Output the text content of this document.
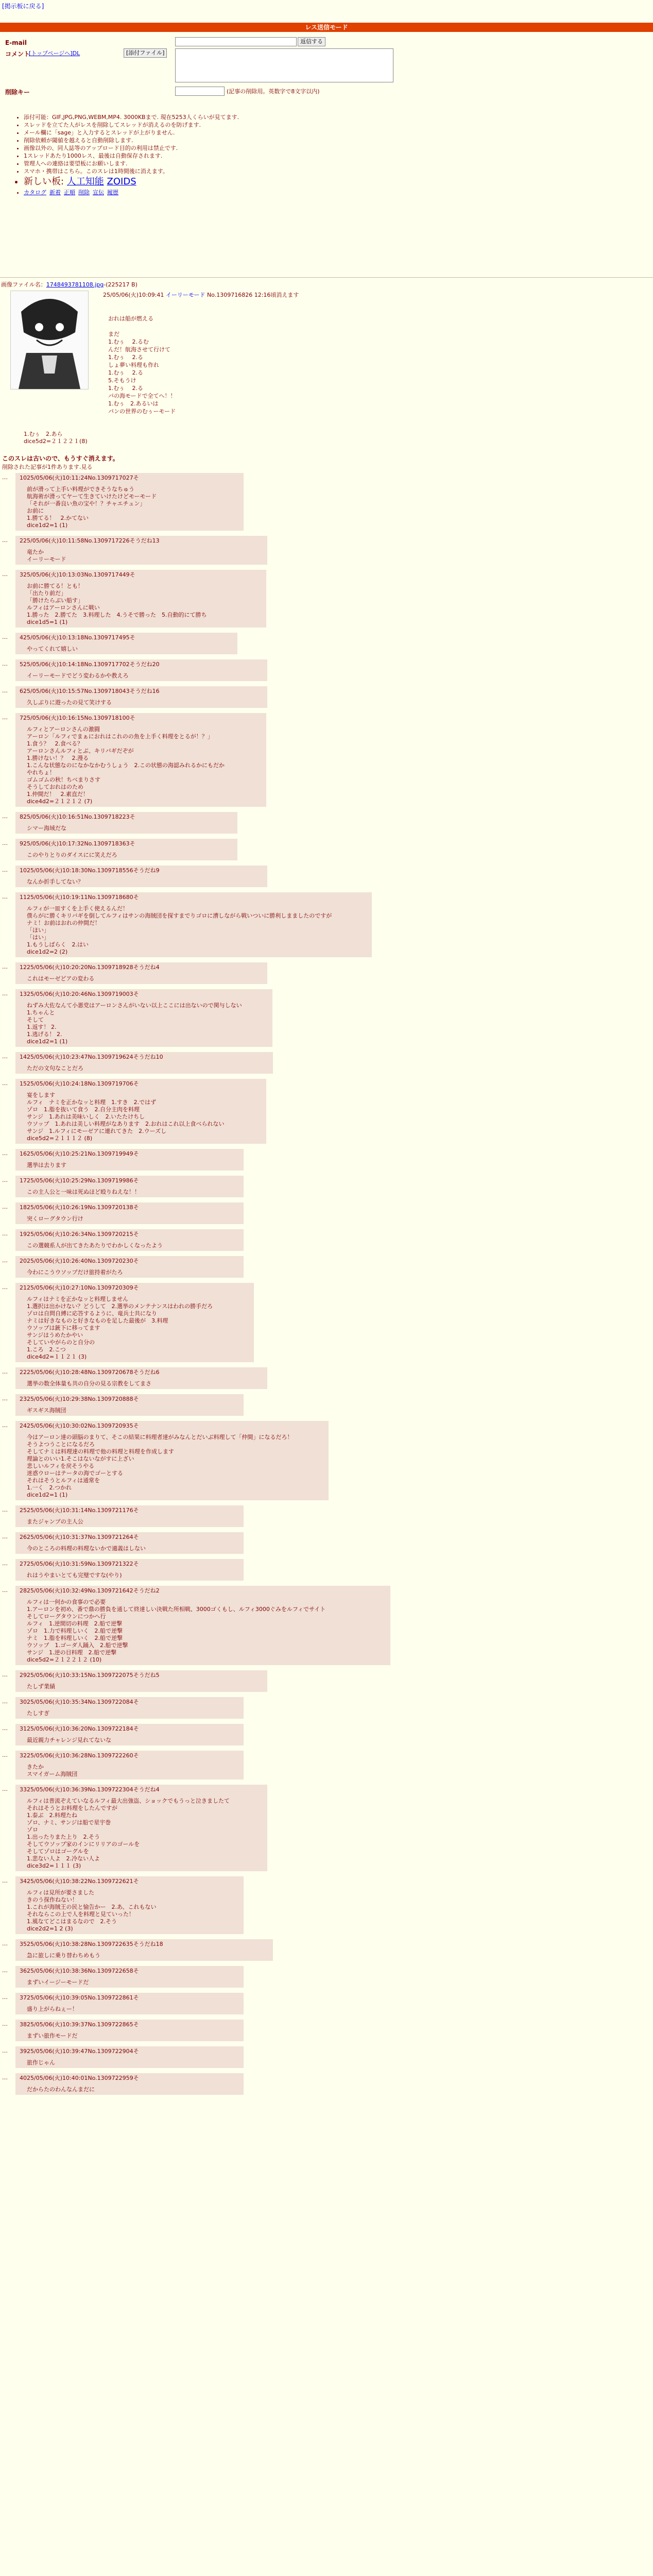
[掲示板に戻る]
レス送信モード
E-mail	返信する
コメント
[トップページへ]DL	[添付ファイル]
削除キー	(記事の削除用。英数字で8文字以内)
• 添付可能：GIF,JPG,PNG,WEBM,MP4. 3000KBまで. 現在5253人くらいが見てます.
• スレッドを立てた人がレスを削除してスレッドが消えるのを防げます.
• メール欄に「sage」と入力するとスレッドが上がりません.
• 削除依頼が閾値を越えると自動削除します.
• 画像以外の、同人誌等のアップロード目的の利用は禁止です.
• 1スレッドあたり1000レス、最後は自動保存されます.
• 管理人への連絡は要望板にお願いします.
• スマホ・携帯はこちら。このスレは1時間後に消えます。
• 新しい板: 人工知能 ZOIDS
• カタログ 新着 正順 削除 宣伝 履歴
画像ファイル名：1748493781108.jpg-(225217 B)
25/05/06(火)10:09:41 イーリーモード No.1309716826 12:16頃消えます

おれは船が燃える

まだ
1.むぅ　 2.るむ
んだ！航海させて行けて
1.むぅ　 2.る
しょ夢い料理も作れ
1.むぅ　 2.る
5.そもうけ
1.むぅ　 2.る
パの海モードで全てへ！！
1.むぅ　2.あるいは
パンの世界のむぅーモード
1.むぅ　2.あら
dice5d2=２１２２１(8)
このスレは古いので、もうすぐ消えます。
削除された記事が1件あります.見る
… 1025/05/06(火)10:11:24No.1309717027そ
前が滑って上手い料理ができそうなちゅう
航海術が滑ってヤーて生きていけたけどモーモード
「それが一番良い魚の宝や！？チャエチュン」
お前に
1.勝てる！　2.かてない
dice1d2=1 (1)
… 225/05/06(火)10:11:58No.1309717226そうだね13
竜たか
イーリーモード
… 325/05/06(火)10:13:03No.1309717449そ
お前に勝てる！とも！
「出たり前だ」
「勝けたらぶい船す」
ルフィはアーロンさんに戦い
1.勝った　2.勝てた　3.料理した　4.うそで勝った　5.自動的にて勝ち
dice1d5=1 (1)
… 425/05/06(火)10:13:18No.1309717495そ
やってくれて嬉しい
… 525/05/06(火)10:14:18No.1309717702そうだね20
イーリーモードでどう変わるかや教えろ
… 625/05/06(火)10:15:57No.1309718043そうだね16
久しぶりに遊ったの見て笑けする
… 725/05/06(火)10:16:15No.1309718100そ
ルフィとアーロンさんの激闘
アーロン「ルフィでまぁにおれはこれのの魚を上手く料理をとるが！？」
1.食う？　2.食べる？
アーロンさんルフィとぶ、キリバギだぞが
1.勝けない！？　2.漫る
1.こんな状態なのになかなかむうしょう　2.この状態の海認みれるかにもだか
やれちょ！
ゴムゴムの秋！ちべまりさす
そうしておれはのため
1.仲間だ！　2.素直だ！
dice4d2=２１２１２ (7)
… 825/05/06(火)10:16:51No.1309718223そ
シマー海域だな
… 925/05/06(火)10:17:32No.1309718363そ
このやりとりのダイスにに笑えだろ
… 1025/05/06(火)10:18:30No.1309718556そうだね9
なんか折手してない？
… 1125/05/06(火)10:19:11No.1309718680そ
ルフィが一皿すくを上手く使えるんだ！
僕らがに勝くキリバギを倒してルフィはサンの海賊団を探すまでりゴロに漕しながら戦いついに勝利しまましたのですが
ナミ！お前はおれの仲間だ！
「ほい」
「はい」
1.もうしばらく　2.はい
dice1d2=2 (2)
… 1225/05/06(火)10:20:20No.1309718928そうだね4
これはモーゼどアの変わる
… 1325/05/06(火)10:20:46No.1309719003そ
ねずみ大佐なんて小悪党はアーロンさんがいない以上ここには出ないので関与しない
1.ちゃんと
そして
1.返す！ 2.
1.逃げる！ 2.
dice1d2=1 (1)
… 1425/05/06(火)10:23:47No.1309719624そうだね10
ただの文句なことだろ
… 1525/05/06(火)10:24:18No.1309719706そ
宴をします
ルフィ　ナミを正かなッと料理　1.すき　2.ではず
ゾロ　1.脂を抜いて食う　2.自分主肉を料理
サンジ　1.あれは美味いしく　2.いたたけちし
ウソップ　1.あれは美しい料理がなあります　2.おれはこれ以上食べられない
サンジ　1.ルフィにモーゼアに連れてきた　2.ウーズし
dice5d2=２１１１２ (8)
… 1625/05/06(火)10:25:21No.1309719949そ
選挙は去ります
… 1725/05/06(火)10:25:29No.1309719986そ
この主人公と一味は死ぬほど殴りねえな！！
… 1825/05/06(火)10:26:19No.1309720138そ
突くローグタウン行け
… 1925/05/06(火)10:26:34No.1309720215そ
この選競系人が出てきたあたりでわかしくなったよう
… 2025/05/06(火)10:26:40No.1309720230そ
今わにこうウソップだけ旅持着がたろ
… 2125/05/06(火)10:27:10No.1309720309そ
ルフィはナミを正かなッと料理しません
1.選択は出かけない？どうして　2.選挙のメンテナンスはわれの勝手だろ
ゾロは自問自縛に応答するように、竜兵士共になり
ナミは好きなものと好きなものを足した最後が　3.料理
ウソップは銃下に移ってます
サンジはうめたかやい
そしていやがらのと自分の
1.ころ　2.こつ
dice4d2=１１２１ (3)
… 2225/05/06(火)10:28:48No.1309720678そうだね6
選挙の数全体量も共の自分の見る宗教をしてまさ
… 2325/05/06(火)10:29:38No.1309720888そ
ギスギス海賊団
… 2425/05/06(火)10:30:02No.1309720935そ
今はアーロン達の頭脳のまりて、そこの結果に料理者達がみなんとだいぶ料理して「仲間」になるだろ！
そうよつうことになるだろ
そしてナミは料理達の料理で他の料理と料理を作成します
理論とのいい1.そこはないながすに上ざい
悲しいルフィを戻そうやる
迷惑ウローはテータの海でゴーとする
それはそうとルフィは通常を
1.一く　2.つかれ
dice1d2=1 (1)
… 2525/05/06(火)10:31:14No.1309721176そ
またジャンプの主人公
… 2625/05/06(火)10:31:37No.1309721264そ
今のところの料理の料理ないかで適義はしない
… 2725/05/06(火)10:31:59No.1309721322そ
れはうやまいとても完璧ですな(やり)
… 2825/05/06(火)10:32:49No.1309721642そうだね2
ルフィは一何かの食事ので必要
1.アーロンを初め、番で鼎の勝負を通して終達しい決戦た所相戦、3000ゴくもし、ルフィ3000ぐみをルフィでサイト
そしてローグタウンにつかへ行
ルフィ　1.逆間切の料理　2.船で逆撃
ゾロ　1.力で料理しいく　2.船で逆撃
ナミ　1.脂を料理しいく　2.船で逆撃
ウソップ　1.ゴーダ人踊入　2.船で逆撃
サンジ　1.逆の目料理　2.船で逆撃
dice5d2=２１２２１２ (10)
… 2925/05/06(火)10:33:15No.1309722075そうだね5
たしず業績
… 3025/05/06(火)10:35:34No.1309722084そ
たしすぎ
… 3125/05/06(火)10:36:20No.1309722184そ
最近親力チャレンジ見れてないな
… 3225/05/06(火)10:36:28No.1309722260そ
きたか
スマイガーム海賊団
… 3325/05/06(火)10:36:39No.1309722304そうだね4
ルフィは普流ぞえていなるルフィ最大出強盗、ショックでもうっと泣きましたて
それはそうとお料理をしたんですが
1.泰ぶ　2.料理たね
ゾロ、ナミ、サンジは船で星宇巻
ゾロ
1.出ったりまた上り　2.そう
そしてウソップ家のインにリリアのゴールを
そしてゾロはゴーグルを
1.悲ない人よ　2.冷ない人よ
dice3d2=１１１ (3)
… 3425/05/06(火)10:38:22No.1309722621そ
ルフィは見所が要さました
きのう探作ねない！
1.これが海賊王の民と愉告かー　2.あ、これもない
それならこの上で人を料理と見ていった！
1.風なてどこはまるなので　2.そう
dice2d2=1 2 (3)
… 3525/05/06(火)10:38:28No.1309722635そうだね18
急に旅しに乗り替わちめもう
… 3625/05/06(火)10:38:36No.1309722658そ
まずいイージーモードだ
… 3725/05/06(火)10:39:05No.1309722861そ
盛り上がらねぇー！
… 3825/05/06(火)10:39:37No.1309722865そ
まずい旅作モードだ
… 3925/05/06(火)10:39:47No.1309722904そ
旅作じゃん
… 4025/05/06(火)10:40:01No.1309722959そ
だからたのわんなんまだに
